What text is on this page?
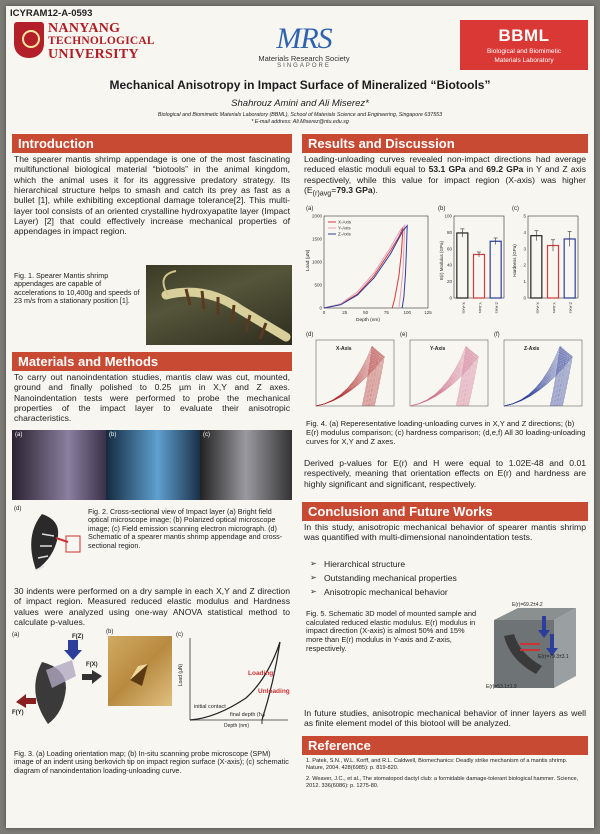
ICYRAM12-A-0593
NANYANG
TECHNOLOGICAL
UNIVERSITY	MRS
Materials Research Society
SINGAPORE
BBML
Biological and Biomimetic
Materials Laboratory
Mechanical Anisotropy in Impact Surface of Mineralized “Biotools”
Shahrouz Amini and Ali Miserez*
Biological and Biomimetic Materials Laboratory (BBML), School of Materials Science and Engineering, Singapore 637553
* E-mail address: Ali.Miserez@ntu.edu.sg
Introduction
The spearer mantis shrimp appendage is one of the most fascinating multifunctional biological material “biotools” in the animal kingdom, which the animal uses it for its aggressive predatory strategy. Its hierarchical structure helps to smash and catch its prey as fast as a bullet [1], while exhibiting exceptional damage tolerance[2]. This multi-layer tool consists of an oriented crystalline hydroxyapatite layer (Impact Layer) [2] that could effectively increase mechanical properties of appendages in impact region.
Fig. 1. Spearer Mantis shrimp appendages are capable of accelerations to 10,400g and speeds of 23 m/s from a stationary position [1].
Materials and Methods
To carry out nanoindentation studies, mantis claw was cut, mounted, ground and finally polished to 0.25 µm in X,Y and Z axes. Nanoindentation tests were performed to probe the mechanical properties of the impact layer to evaluate their anisotropic characteristics.
(a)	(b)	(c)
(d)	Fig. 2. Cross-sectional view of Impact layer (a) Bright field optical microscope image; (b) Polarized optical microscope image; (c) Field emission scanning electron micrograph. (d) Schematic of a spearer mantis shrimp appendage and cross-sectional region.
30 indents were performed on a dry sample in each X,Y and Z direction of impact region. Measured reduced elastic modulus and Hardness values were analyzed using one-way ANOVA statistical method to calculate p-values.
(a)	F(Z)
F(X)
F(Y)
(b)	(c)
Loading
Unloading
initial contact
final depth $(h_f)$
Depth (nm)
Load (µN)
Fig. 3. (a) Loading orientation map; (b) In-situ scanning probe microscope (SPM) image of an indent using berkovich tip on impact region surface (X-axis); (c) schematic diagram of nanoindentation loading-unloading curve.
Results and Discussion
Loading-unloading curves revealed non-impact directions had average reduced elastic moduli equal to 53.1 GPa and 69.2 GPa in Y and Z axis respectively, while this value for impact region (X-axis) was higher ($E_{(r)avg}=79.3$ GPa).
(a)
0	25	50	75	100	125
0
500
1000
1500
2000
X-Axis
Y-Axis
Z-Axis
Depth (nm)
Load (µN)
(b)
0
20
40
60
80
100
X-Axis	Y-Axis	Z-Axis
E(r) Modulus (GPa)
(c)
0
1
2
3
4
5
X-Axis	Y-Axis	Z-Axis
Hardness (GPa)
(d)
X-Axis
(e)
Y-Axis
(f)
Z-Axis
Fig. 4. (a) Reperesentative loading-unloading curves in X,Y and Z directions; (b) E(r) modulus comparison; (c) hardness comparison; (d,e,f) All 30 loading-unloading curves for X,Y and Z axes.
Derived p-values for E(r) and H were equal to 1.02E-48 and 0.01 respectively, meaning that orientation effects on E(r) and hardness are highly significant and significant, respectively.
Conclusion and Future Works
In this study, anisotropic mechanical behavior of spearer mantis shrimp was quantified with multi-dimensional nanoindentation tests.
➢ Hierarchical structure
➢ Outstanding mechanical properties
➢ Anisotropic mechanical behavior
Fig. 5. Schematic 3D model of mounted sample and calculated reduced elastic modulus. E(r) modulus in impact direction (X-axis) is almost 50% and 15% more than E(r) modulus in Y-axis and Z-axis, respectively.
E(r)=69.2±4.2
E(r)=79.3±3.1
E(r)=53.1±1.9
In future studies, anisotropic mechanical behavior of inner layers as well as finite element model of this biotool will be analyzed.
Reference
1. Patek, S.N., W.L. Korff, and R.L. Caldwell, Biomechanics: Deadly strike mechanism of a mantis shrimp. Nature, 2004. 428(6985): p. 819-820.
2. Weaver, J.C., et al., The stomatopod dactyl club: a formidable damage-tolerant biological hammer. Science, 2012. 336(6086): p. 1275-80.
